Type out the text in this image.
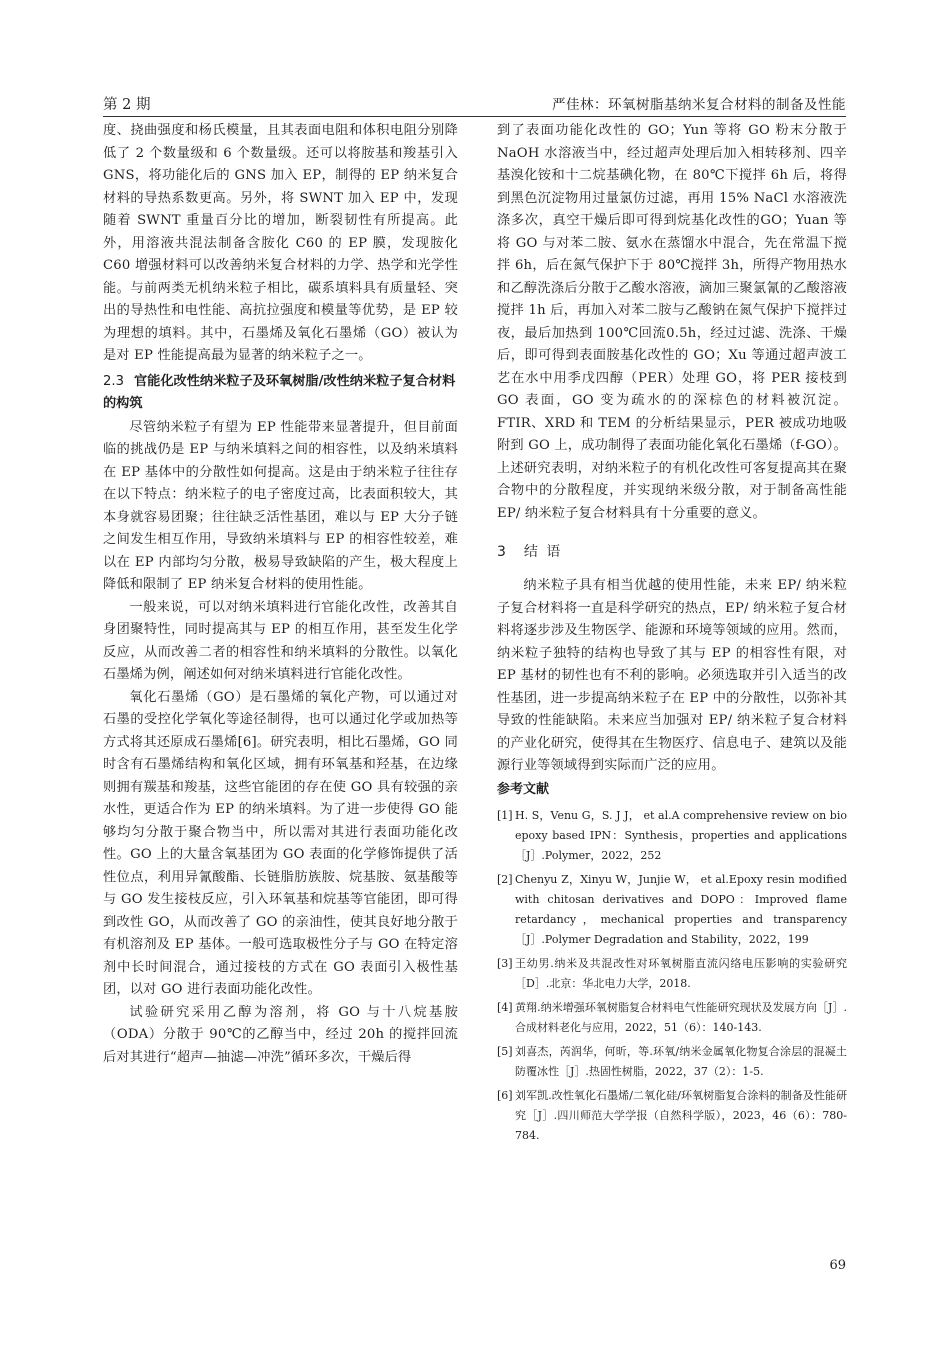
第 2 期	严佳林：环氧树脂基纳米复合材料的制备及性能

度、挠曲强度和杨氏模量，且其表面电阻和体积电阻分别降低了 2 个数量级和 6 个数量级。还可以将胺基和羧基引入 GNS，将功能化后的 GNS 加入 EP，制得的 EP 纳米复合材料的导热系数更高。另外，将 SWNT 加入 EP 中，发现随着 SWNT 重量百分比的增加，断裂韧性有所提高。此外，用溶液共混法制备含胺化 C60 的 EP 膜，发现胺化 C60 增强材料可以改善纳米复合材料的力学、热学和光学性能。与前两类无机纳米粒子相比，碳系填料具有质量轻、突出的导热性和电性能、高抗拉强度和模量等优势，是 EP 较为理想的填料。其中，石墨烯及氧化石墨烯（GO）被认为是对 EP 性能提高最为显著的纳米粒子之一。

2.3 官能化改性纳米粒子及环氧树脂/改性纳米粒子复合材料的构筑

尽管纳米粒子有望为 EP 性能带来显著提升，但目前面临的挑战仍是 EP 与纳米填料之间的相容性，以及纳米填料在 EP 基体中的分散性如何提高。这是由于纳米粒子往往存在以下特点：纳米粒子的电子密度过高，比表面积较大，其本身就容易团聚；往往缺乏活性基团，难以与 EP 大分子链之间发生相互作用，导致纳米填料与 EP 的相容性较差，难以在 EP 内部均匀分散，极易导致缺陷的产生，极大程度上降低和限制了 EP 纳米复合材料的使用性能。

一般来说，可以对纳米填料进行官能化改性，改善其自身团聚特性，同时提高其与 EP 的相互作用，甚至发生化学反应，从而改善二者的相容性和纳米填料的分散性。以氧化石墨烯为例，阐述如何对纳米填料进行官能化改性。

氧化石墨烯（GO）是石墨烯的氧化产物，可以通过对石墨的受控化学氧化等途径制得，也可以通过化学或加热等方式将其还原成石墨烯[6]。研究表明，相比石墨烯，GO 同时含有石墨烯结构和氧化区域，拥有环氧基和羟基，在边缘则拥有羰基和羧基，这些官能团的存在使 GO 具有较强的亲水性，更适合作为 EP 的纳米填料。为了进一步使得 GO 能够均匀分散于聚合物当中，所以需对其进行表面功能化改性。GO 上的大量含氧基团为 GO 表面的化学修饰提供了活性位点，利用异氰酸酯、长链脂肪族胺、烷基胺、氨基酸等与 GO 发生接枝反应，引入环氧基和烷基等官能团，即可得到改性 GO，从而改善了 GO 的亲油性，使其良好地分散于有机溶剂及 EP 基体。一般可选取极性分子与 GO 在特定溶剂中长时间混合，通过接枝的方式在 GO 表面引入极性基团，以对 GO 进行表面功能化改性。

试验研究采用乙醇为溶剂，将 GO 与十八烷基胺（ODA）分散于 90℃的乙醇当中，经过 20h 的搅拌回流后对其进行“超声—抽滤—冲洗”循环多次，干燥后得

到了表面功能化改性的 GO；Yun 等将 GO 粉末分散于 NaOH 水溶液当中，经过超声处理后加入相转移剂、四辛基溴化铵和十二烷基碘化物，在 80℃下搅拌 6h 后，将得到黑色沉淀物用过量氯仿过滤，再用 15% NaCl 水溶液洗涤多次，真空干燥后即可得到烷基化改性的GO；Yuan 等将 GO 与对苯二胺、氨水在蒸馏水中混合，先在常温下搅拌 6h，后在氮气保护下于 80℃搅拌 3h，所得产物用热水和乙醇洗涤后分散于乙酸水溶液，滴加三聚氯氰的乙酸溶液搅拌 1h 后，再加入对苯二胺与乙酸钠在氮气保护下搅拌过夜，最后加热到 100℃回流0.5h，经过过滤、洗涤、干燥后，即可得到表面胺基化改性的 GO；Xu 等通过超声波工艺在水中用季戊四醇（PER）处理 GO，将 PER 接枝到 GO 表面，GO 变为疏水的的深棕色的材料被沉淀。FTIR、XRD 和 TEM 的分析结果显示，PER 被成功地吸附到 GO 上，成功制得了表面功能化氧化石墨烯（f-GO）。上述研究表明，对纳米粒子的有机化改性可客复提高其在聚合物中的分散程度，并实现纳米级分散，对于制备高性能 EP/ 纳米粒子复合材料具有十分重要的意义。

3 结 语

纳米粒子具有相当优越的使用性能，未来 EP/ 纳米粒子复合材料将一直是科学研究的热点，EP/ 纳米粒子复合材料将逐步涉及生物医学、能源和环境等领域的应用。然而，纳米粒子独特的结构也导致了其与 EP 的相容性有限，对 EP 基材的韧性也有不利的影响。必须选取并引入适当的改性基团，进一步提高纳米粒子在 EP 中的分散性，以弥补其导致的性能缺陷。未来应当加强对 EP/ 纳米粒子复合材料的产业化研究，使得其在生物医疗、信息电子、建筑以及能源行业等领域得到实际而广泛的应用。

参考文献
[1] H. S，Venu G，S. J J， et al.A comprehensive review on bio epoxy based IPN：Synthesis，properties and applications［J］.Polymer，2022，252
[2] Chenyu Z，Xinyu W，Junjie W， et al.Epoxy resin modified with chitosan derivatives and DOPO：Improved flame retardancy，mechanical properties and transparency［J］.Polymer Degradation and Stability，2022，199
[3] 王幼男.纳米及共混改性对环氧树脂直流闪络电压影响的实验研究［D］.北京：华北电力大学，2018.
[4] 黄翔.纳米增强环氧树脂复合材料电气性能研究现状及发展方向［J］.合成材料老化与应用，2022，51（6）：140-143.
[5] 刘喜杰，芮润华，何昕，等.环氧/纳米金属氧化物复合涂层的混凝土防覆冰性［J］.热固性树脂，2022，37（2）：1-5.
[6] 刘军凯.改性氧化石墨烯/二氧化硅/环氧树脂复合涂料的制备及性能研究［J］.四川师范大学学报（自然科学版），2023，46（6）：780-784.
69
